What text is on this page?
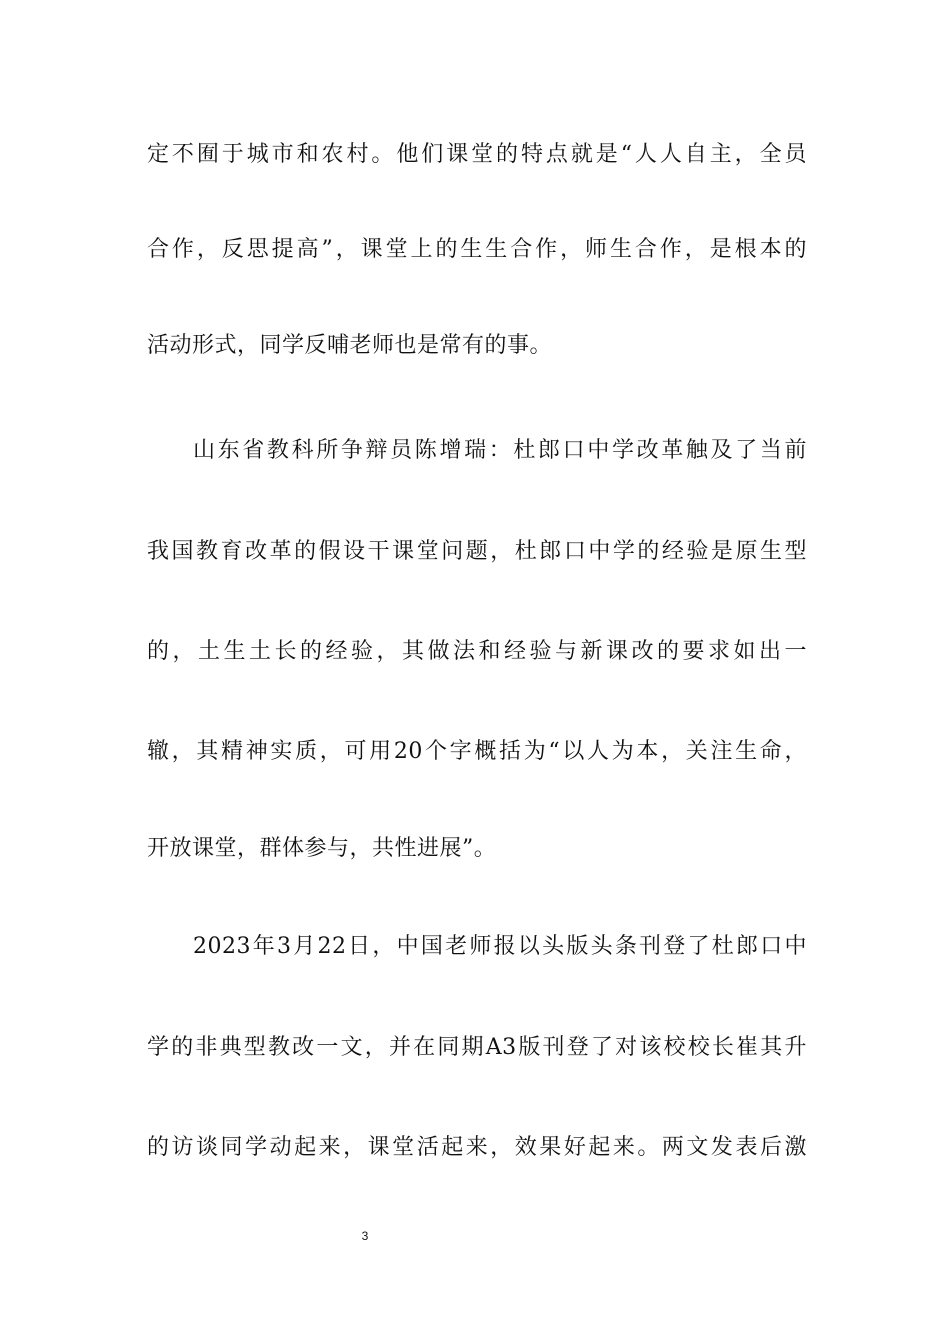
定不囿于城市和农村。他们课堂的特点就是“人人自主，全员
合作，反思提高”，课堂上的生生合作，师生合作，是根本的
活动形式，同学反哺老师也是常有的事。
山东省教科所争辩员陈增瑞：杜郎口中学改革触及了当前
我国教育改革的假设干课堂问题，杜郎口中学的经验是原生型
的，土生土长的经验，其做法和经验与新课改的要求如出一
辙，其精神实质，可用20个字概括为“以人为本，关注生命，
开放课堂，群体参与，共性进展”。
2023年3月22日，中国老师报以头版头条刊登了杜郎口中
学的非典型教改一文，并在同期A3版刊登了对该校校长崔其升
的访谈同学动起来，课堂活起来，效果好起来。两文发表后激
3
